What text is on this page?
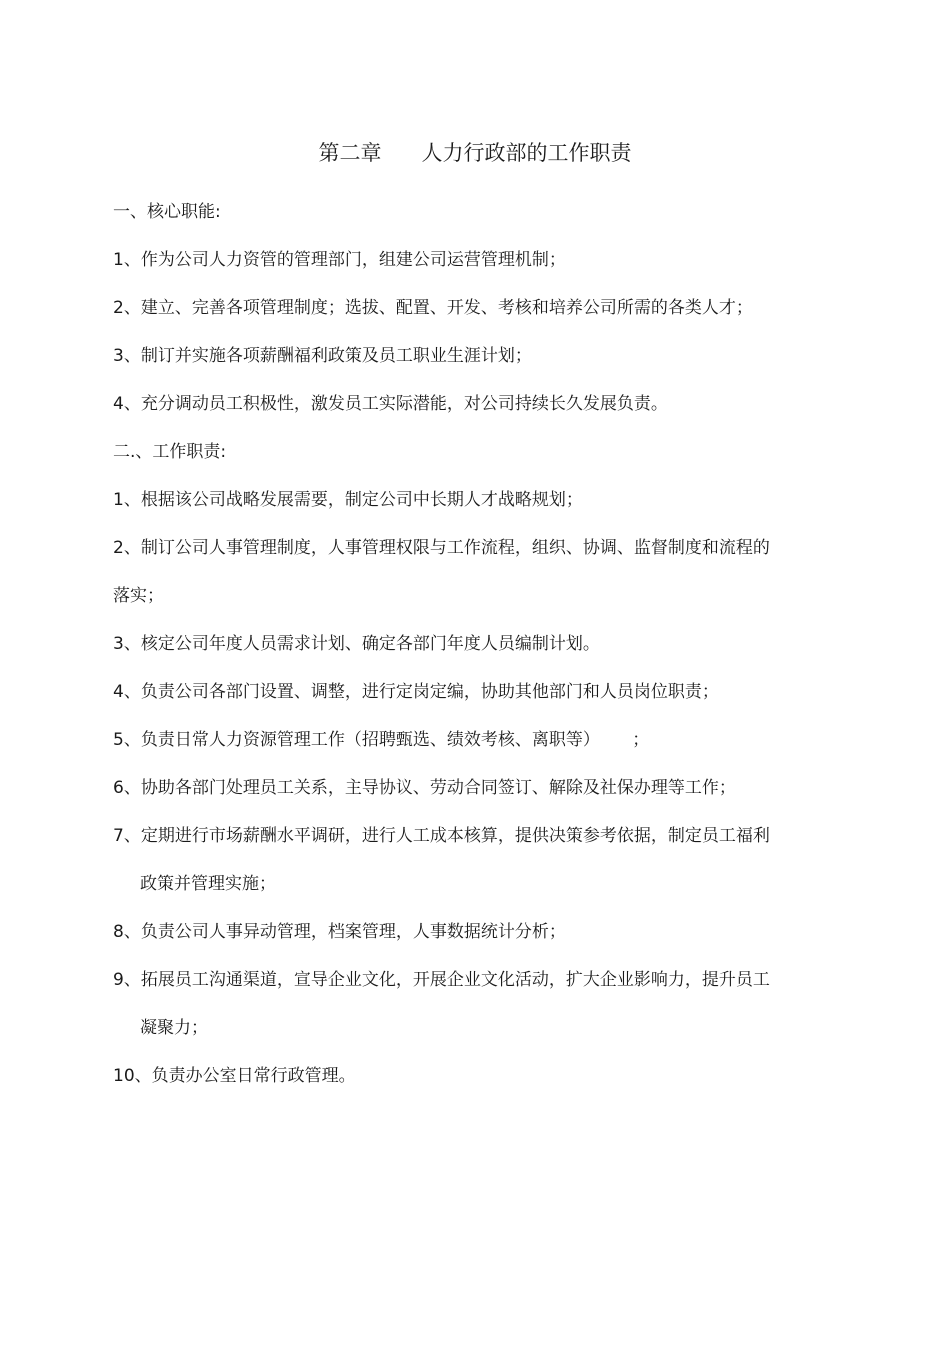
第二章      人力行政部的工作职责
一、核心职能:
1、作为公司人力资管的管理部门，组建公司运营管理机制；
2、建立、完善各项管理制度；选拔、配置、开发、考核和培养公司所需的各类人才；
3、制订并实施各项薪酬福利政策及员工职业生涯计划；
4、充分调动员工积极性，激发员工实际潜能，对公司持续长久发展负责。
二.、工作职责:
1、根据该公司战略发展需要，制定公司中长期人才战略规划；
2、制订公司人事管理制度，人事管理权限与工作流程，组织、协调、监督制度和流程的
落实；
3、核定公司年度人员需求计划、确定各部门年度人员编制计划。
4、负责公司各部门设置、调整，进行定岗定编，协助其他部门和人员岗位职责；
5、负责日常人力资源管理工作（招聘甄选、绩效考核、离职等）      ；
6、协助各部门处理员工关系，主导协议、劳动合同签订、解除及社保办理等工作；
7、定期进行市场薪酬水平调研，进行人工成本核算，提供决策参考依据，制定员工福利
政策并管理实施；
8、负责公司人事异动管理，档案管理，人事数据统计分析；
9、拓展员工沟通渠道，宣导企业文化，开展企业文化活动，扩大企业影响力，提升员工
凝聚力；
10、负责办公室日常行政管理。
